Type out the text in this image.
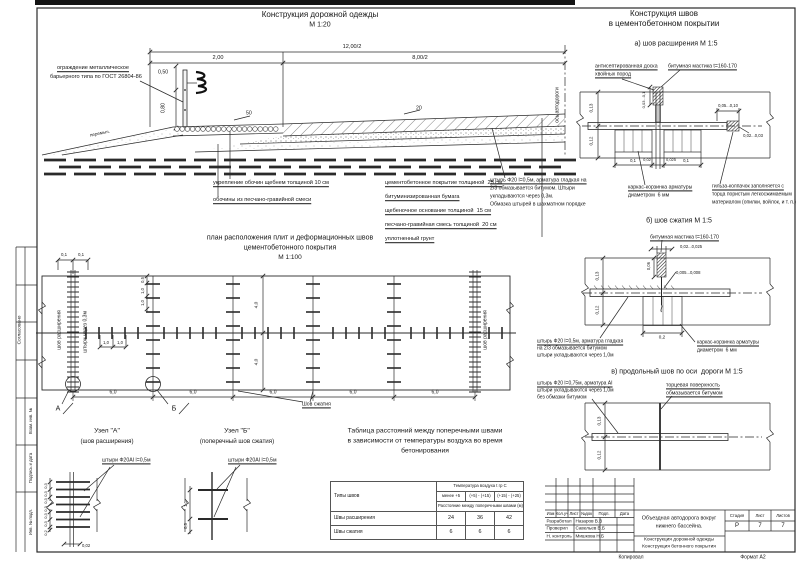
Конструкция дорожной одежды
М 1:20
Конструкция швов
в цементобетонном покрытии
а) шов расширения М 1:5
б) шов сжатия М 1:5
в) продольный шов по оси  дороги М 1:5
план расположения плит и деформационных швов
цементобетонного покрытия
М 1:100
Узел "А"
(шов расширения)
Узел "Б"
(поперечный шов сжатия)
Таблица расстояний между поперечными швами
в зависимости от температуры воздуха во время
бетонирования
Согласовано
Взам. инв. №
Подпись и дата
Инв. № подл.	Объездная автодорога вокруг
нижнего бассейна.
Конструкция дорожной одежды
Конструкция бетонного покрытия
Стадия	Лист	Листов
Р	7	7
Копировал	Формат А2
Типы швов	Температура воздуха t гр С		
	менее +5	(+5) - (+15)	(+15) - (+25)
	Расстояние между поперечными швами (м)		
Швы расширения	24	36	42
Швы сжатия	6	6	6
12,00/2
2,00	8,00/2
ограждение металлическое
барьерного типа по ГОСТ 26804-86
0,50
0,80
50
20	ось автодороги
перемыч.
укрепление обочин щебнем толщиной 10 см
обочины из песчано-гравийной смеси
цементобетонное покрытие толщиной  25 см
битуминизированная бумага
щебеночное основание толщиной  15 см
песчано-гравийная смесь толщиной  20 см
уплотненный грунт
штырь Ф20 l=0,5м, арматура гладкая на
2/3 обмазывается битумом. Штыри
укладываются через 0,3м.
Обмазка штырей в шахматном порядке
0,1 0,1
шов расширения	штыри через 0,3м
0,5
1,0
1,0
1,0 1,0
4,0
4,0
6,0	6,0	6,0	6,0	6,0
шов расширения
Шов сжатия
А	Б
штыри Ф20АI l=0,5м	штыри Ф20АI l=0,5м
0,3
0,3
0,3
0,3
0,3
0,3
0,2
0,02
1,0
0,5
антисептированная доска
хвойных пород
битумная мастика t=160-170
0,13
0,12
0,03...0,1	0,05...0,10
0,02...0,03
0,1 0,02	0,025 0,1
каркас-корзинка арматуры
диаметром  6 мм
гильза-колпачок заполняется с
торца пористым легкосжимаемым
материалом (опилки, войлок, и т. п.)
битумная мастика t=160-170
0,02...0,025
0,06
0,005...0,008
0,13
0,12
0,2
штырь Ф20 l=0,5м, арматура гладкая
на 2/3 обмазывается битумом
штыри укладываются через 1,0м
каркас-корзинка арматуры
диаметром  6 мм
штырь Ф20 l=0,75м, арматура АI
штыри укладываются через 1,0м
без обмазки битумом
торцевая поверхность
обмазывается битумом
0,13
0,12
Изм Кол.уч Лист №док Подп. Дата
Разработал Назаров В.В
Проверил Савельев В.Б
Н. контроль Мишкова Н.Б
